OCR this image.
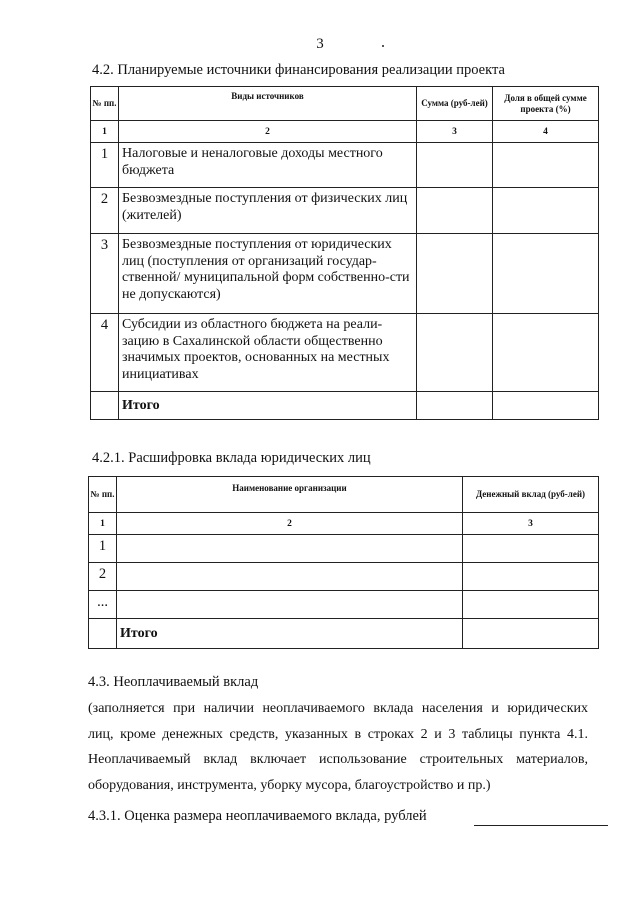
3
4.2. Планируемые источники финансирования реализации проекта
№ пп.	Виды источников	Сумма (руб-лей)	Доля в общей сумме проекта (%)
1	2	3	4
1	Налоговые и неналоговые доходы местного бюджета		
2	Безвозмездные поступления от физических лиц (жителей)		
3	Безвозмездные поступления от юридических лиц (поступления от организаций государ-ственной/ муниципальной форм собственно-сти не допускаются)		
4	Субсидии из областного бюджета на реали-зацию в Сахалинской области общественно значимых проектов, основанных на местных инициативах		
	Итого		
4.2.1. Расшифровка вклада юридических лиц
№ пп.	Наименование организации	Денежный вклад (руб-лей)
1	2	3
1		
2		
...		
	Итого	
4.3. Неоплачиваемый вклад
(заполняется при наличии неоплачиваемого вклада населения и юридических
лиц, кроме денежных средств, указанных в строках 2 и 3 таблицы пункта 4.1.
Неоплачиваемый вклад включает использование строительных материалов,
оборудования, инструмента, уборку мусора, благоустройство и пр.)
4.3.1. Оценка размера неоплачиваемого вклада, рублей
